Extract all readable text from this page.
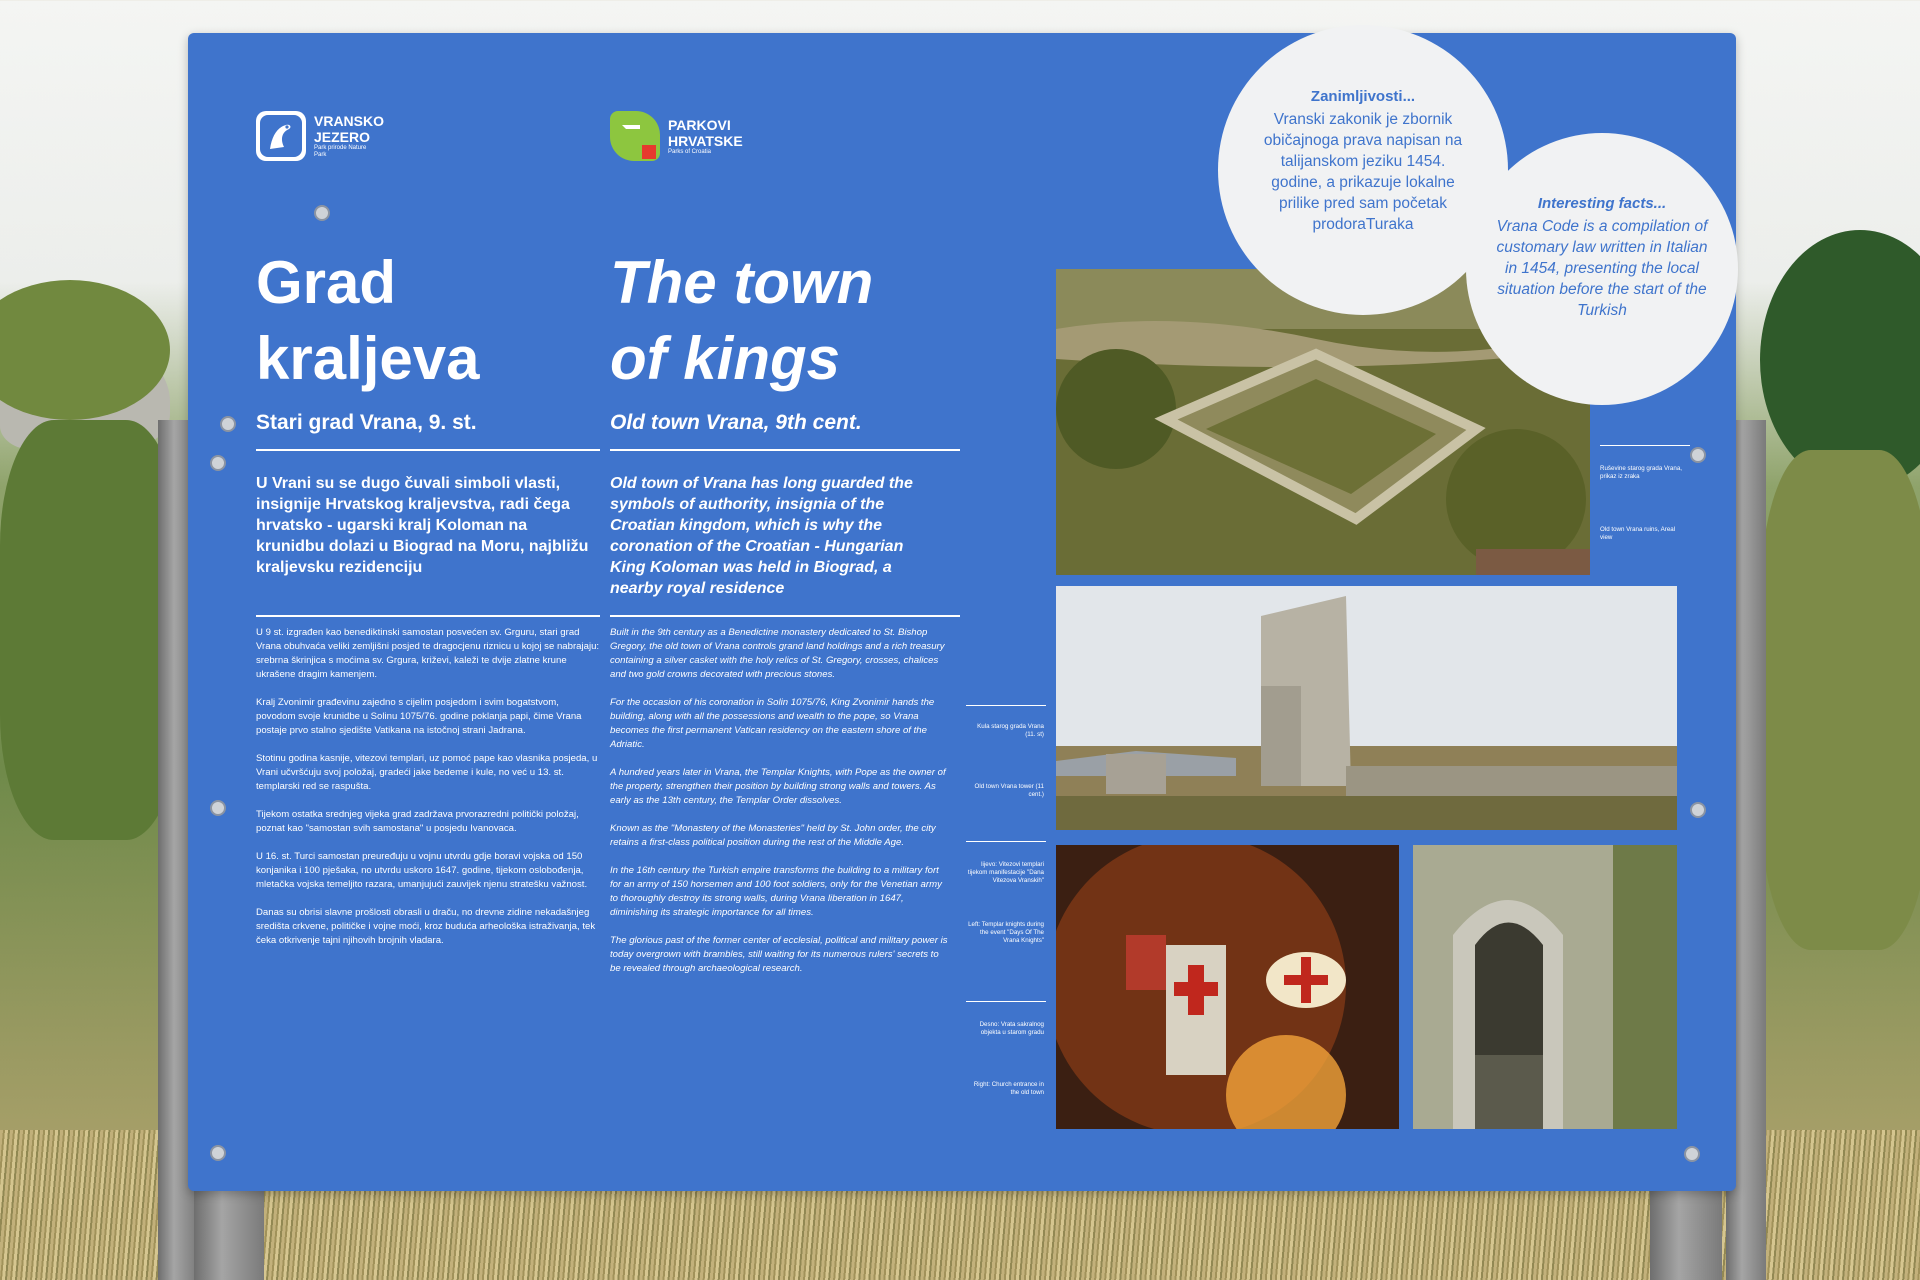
VRANSKO
JEZERO
Park prirode Nature Park
PARKOVI
HRVATSKE
Parks of Croatia
Grad
kraljeva
Stari grad Vrana, 9. st.
U Vrani su se dugo čuvali simboli vlasti, insignije Hrvatskog kraljevstva, radi čega hrvatsko - ugarski kralj Koloman na krunidbu dolazi u Biograd na Moru, najbližu kraljevsku rezidenciju

U 9 st. izgrađen kao benediktinski samostan posvećen sv. Grguru, stari grad Vrana obuhvaća veliki zemljišni posjed te dragocjenu riznicu u kojoj se nabrajaju: srebrna škrinjica s moćima sv. Grgura, križevi, kaleži te dvije zlatne krune ukrašene dragim kamenjem.

Kralj Zvonimir građevinu zajedno s cijelim posjedom i svim bogatstvom, povodom svoje krunidbe u Solinu 1075/76. godine poklanja papi, čime Vrana postaje prvo stalno sjedište Vatikana na istočnoj strani Jadrana.

Stotinu godina kasnije, vitezovi templari, uz pomoć pape kao vlasnika posjeda, u Vrani učvršćuju svoj položaj, gradeći jake bedeme i kule, no već u 13. st. templarski red se raspušta.

Tijekom ostatka srednjeg vijeka grad zadržava prvorazredni politički položaj, poznat kao "samostan svih samostana" u posjedu Ivanovaca.

U 16. st. Turci samostan preuređuju u vojnu utvrdu gdje boravi vojska od 150 konjanika i 100 pješaka, no utvrdu uskoro 1647. godine, tijekom oslobođenja, mletačka vojska temeljito razara, umanjujući zauvijek njenu stratešku važnost.

Danas su obrisi slavne prošlosti obrasli u draču, no drevne zidine nekadašnjeg središta crkvene, političke i vojne moći, kroz buduća arheološka istraživanja, tek čeka otkrivenje tajni njihovih brojnih vladara.

The town
of kings
Old town Vrana, 9th cent.
Old town of Vrana has long guarded the symbols of authority, insignia of the Croatian kingdom, which is why the coronation of the Croatian - Hungarian King Koloman was held in Biograd, a nearby royal residence

Built in the 9th century as a Benedictine monastery dedicated to St. Bishop Gregory, the old town of Vrana controls grand land holdings and a rich treasury containing a silver casket with the holy relics of St. Gregory, crosses, chalices and two gold crowns decorated with precious stones.

For the occasion of his coronation in Solin 1075/76, King Zvonimir hands the building, along with all the possessions and wealth to the pope, so Vrana becomes the first permanent Vatican residency on the eastern shore of the Adriatic.

A hundred years later in Vrana, the Templar Knights, with Pope as the owner of the property, strengthen their position by building strong walls and towers. As early as the 13th century, the Templar Order dissolves.

Known as the "Monastery of the Monasteries" held by St. John order, the city retains a first-class political position during the rest of the Middle Age.

In the 16th century the Turkish empire transforms the building to a military fort for an army of 150 horsemen and 100 foot soldiers, only for the Venetian army to thoroughly destroy its strong walls, during Vrana liberation in 1647, diminishing its strategic importance for all times.

The glorious past of the former center of ecclesial, political and military power is today overgrown with brambles, still waiting for its numerous rulers' secrets to be revealed through archaeological research.

Ruševine starog grada Vrana, prikaz iz zraka
Old town Vrana ruins, Areal view
Kula starog grada Vrana (11. st)
Old town Vrana tower (11 cent.)
lijevo: Vitezovi templari tijekom manifestacije "Dana Vitezova Vranskih"
Left: Templar knights during the event "Days Of The Vrana Knights"
Desno: Vrata sakralnog objekta u starom gradu
Right: Church entrance in the old town
Zanimljivosti...
Vranski zakonik je zbornik običajnoga prava napisan na talijanskom jeziku 1454. godine, a prikazuje lokalne prilike pred sam početak prodoraTuraka
Interesting facts...
Vrana Code is a compilation of customary law written in Italian in 1454, presenting the local situation before the start of the Turkish
